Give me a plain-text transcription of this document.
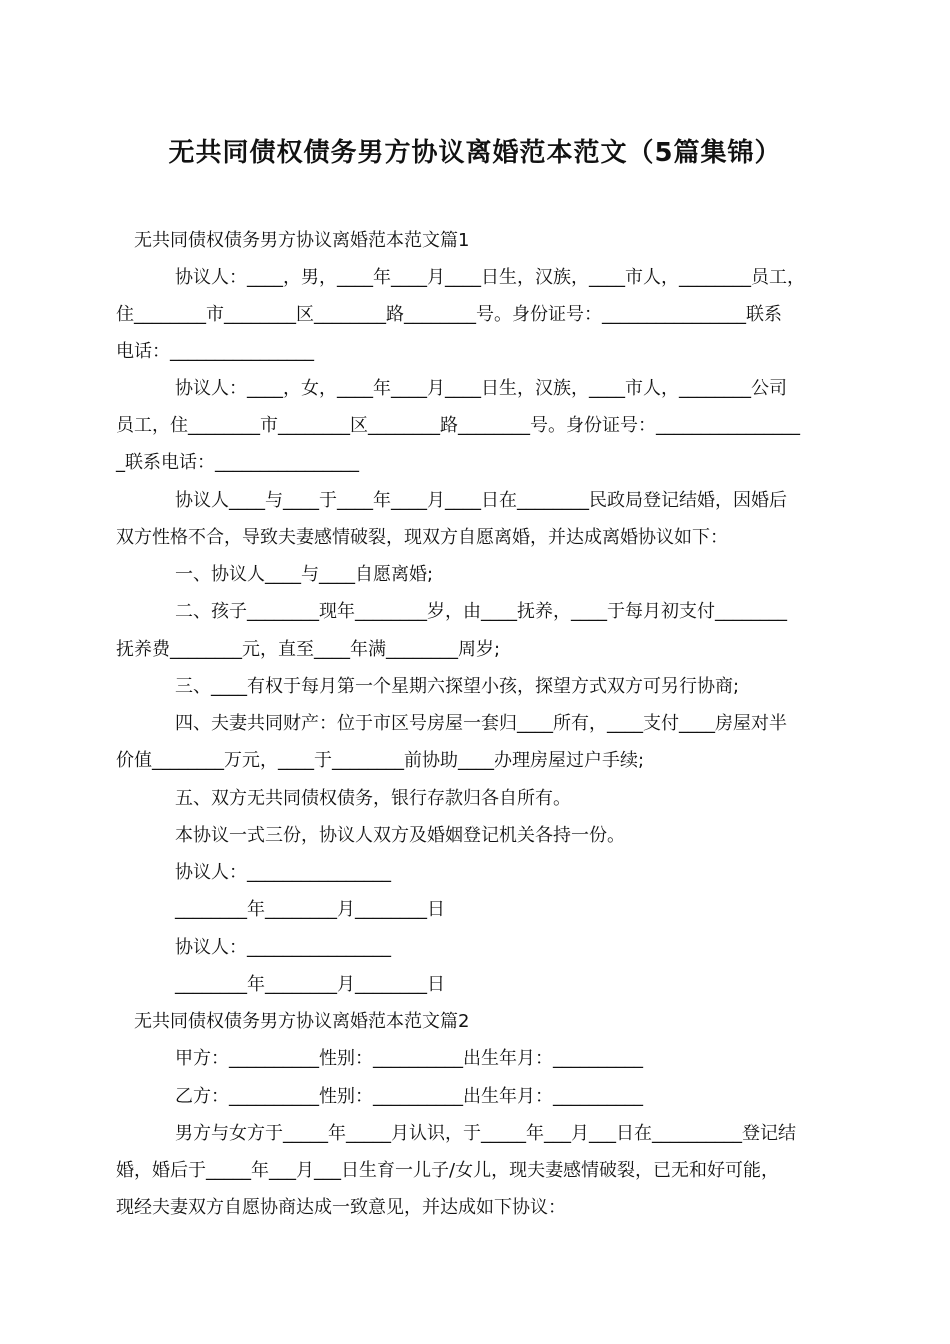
无共同债权债务男方协议离婚范本范文（5篇集锦）
无共同债权债务男方协议离婚范本范文篇1
协议人：____，男，____年____月____日生，汉族，____市人，________员工，
住________市________区________路________号。身份证号：________________联系
电话：________________
协议人：____，女，____年____月____日生，汉族，____市人，________公司
员工，住________市________区________路________号。身份证号：________________
_联系电话：________________
协议人____与____于____年____月____日在________民政局登记结婚，因婚后
双方性格不合，导致夫妻感情破裂，现双方自愿离婚，并达成离婚协议如下：
一、协议人____与____自愿离婚;
二、孩子________现年________岁，由____抚养，____于每月初支付________
抚养费________元，直至____年满________周岁;
三、____有权于每月第一个星期六探望小孩，探望方式双方可另行协商;
四、夫妻共同财产：位于市区号房屋一套归____所有，____支付____房屋对半
价值________万元，____于________前协助____办理房屋过户手续;
五、双方无共同债权债务，银行存款归各自所有。
本协议一式三份，协议人双方及婚姻登记机关各持一份。
协议人：________________
________年________月________日
协议人：________________
________年________月________日
无共同债权债务男方协议离婚范本范文篇2
甲方：__________性别：__________出生年月：__________
乙方：__________性别：__________出生年月：__________
男方与女方于_____年_____月认识，于_____年___月___日在__________登记结
婚，婚后于_____年___月___日生育一儿子/女儿，现夫妻感情破裂，已无和好可能，
现经夫妻双方自愿协商达成一致意见，并达成如下协议：
